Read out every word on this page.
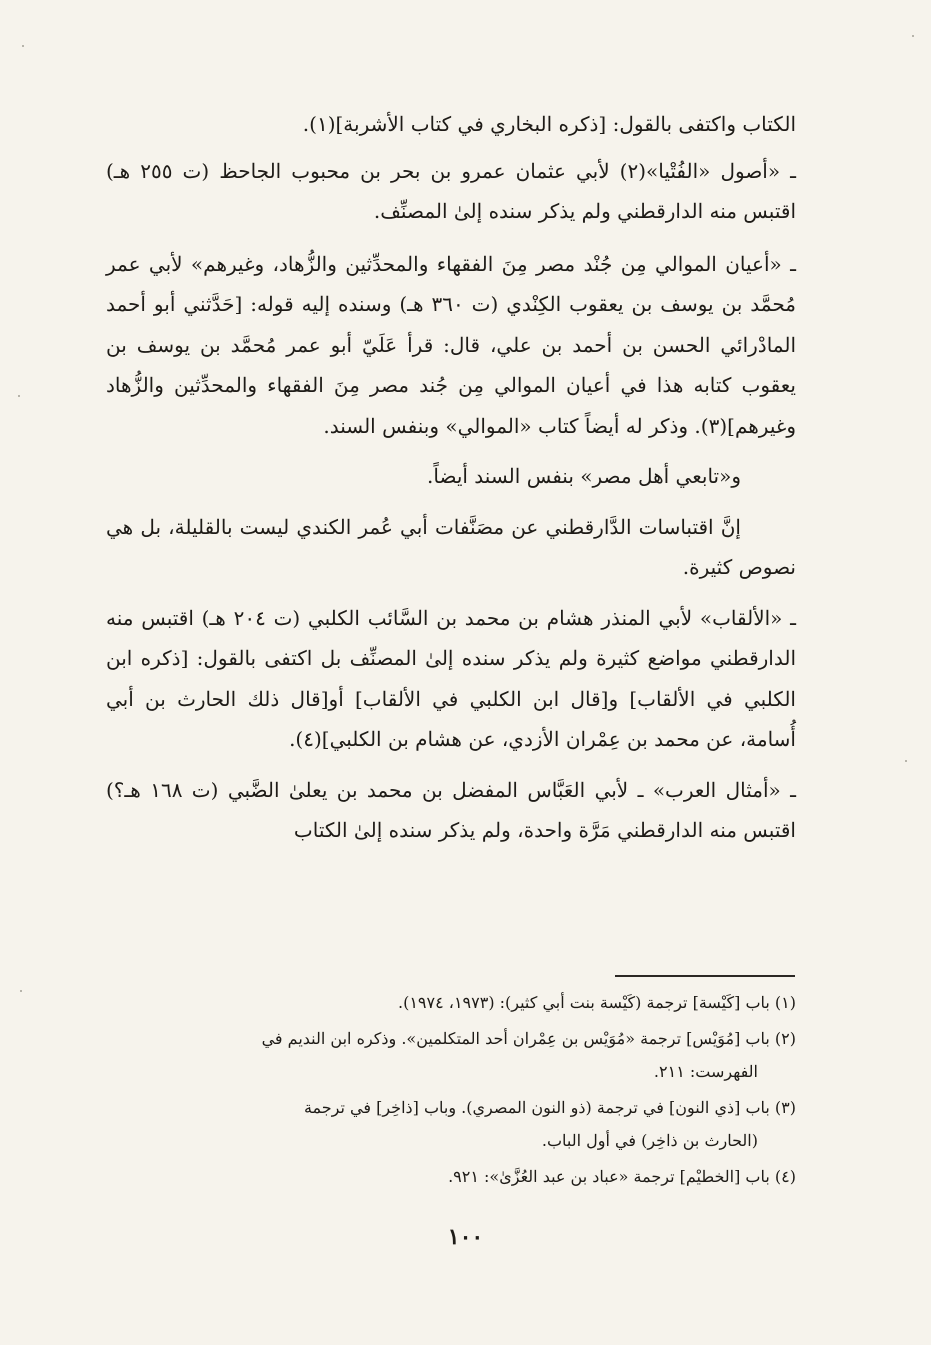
الكتاب واكتفى بالقول: [ذكره البخاري في كتاب الأشربة](١).

ـ «أصول «الفُتْيا»(٢) لأبي عثمان عمرو بن بحر بن محبوب الجاحظ (ت ٢٥٥ هـ) اقتبس منه الدارقطني ولم يذكر سنده إلىٰ المصنِّف.

ـ «أعيان الموالي مِن جُنْد مصر مِنَ الفقهاء والمحدِّثين والزُّهاد، وغيرهم» لأبي عمر مُحمَّد بن يوسف بن يعقوب الكِنْدي (ت ٣٦٠ هـ) وسنده إليه قوله: [حَدَّثني أبو أحمد المادْرائي الحسن بن أحمد بن علي، قال: قرأ عَلَيّ أبو عمر مُحمَّد بن يوسف بن يعقوب كتابه هذا في أعيان الموالي مِن جُند مصر مِنَ الفقهاء والمحدِّثين والزُّهاد وغيرهم](٣). وذكر له أيضاً كتاب «الموالي» وبنفس السند.

و«تابعي أهل مصر» بنفس السند أيضاً.

إنَّ اقتباسات الدَّارقطني عن مصَنَّفات أبي عُمر الكندي ليست بالقليلة، بل هي نصوص كثيرة.

ـ «الألقاب» لأبي المنذر هشام بن محمد بن السَّائب الكلبي (ت ٢٠٤ هـ) اقتبس منه الدارقطني مواضع كثيرة ولم يذكر سنده إلىٰ المصنِّف بل اكتفى بالقول: [ذكره ابن الكلبي في الألقاب] و[قال ابن الكلبي في الألقاب] أو[قال ذلك الحارث بن أبي أُسامة، عن محمد بن عِمْران الأزدي، عن هشام بن الكلبي](٤).

ـ «أمثال العرب» ـ لأبي العَبَّاس المفضل بن محمد بن يعلىٰ الضَّبي (ت ١٦٨ هـ؟) اقتبس منه الدارقطني مَرَّة واحدة، ولم يذكر سنده إلىٰ الكتاب

(١) باب [كَيْسة] ترجمة (كَيْسة بنت أبي كثير): (١٩٧٣، ١٩٧٤).

(٢) باب [مُوَيْس] ترجمة «مُوَيْس بن عِمْران أحد المتكلمين». وذكره ابن النديم في

الفهرست: ٢١١.

(٣) باب [ذي النون] في ترجمة (ذو النون المصري). وباب [ذاخِر] في ترجمة

(الحارث بن ذاخِر) في أول الباب.

(٤) باب [الخطيْم] ترجمة «عباد بن عبد العُزَّىٰ»: ٩٢١.

١٠٠
